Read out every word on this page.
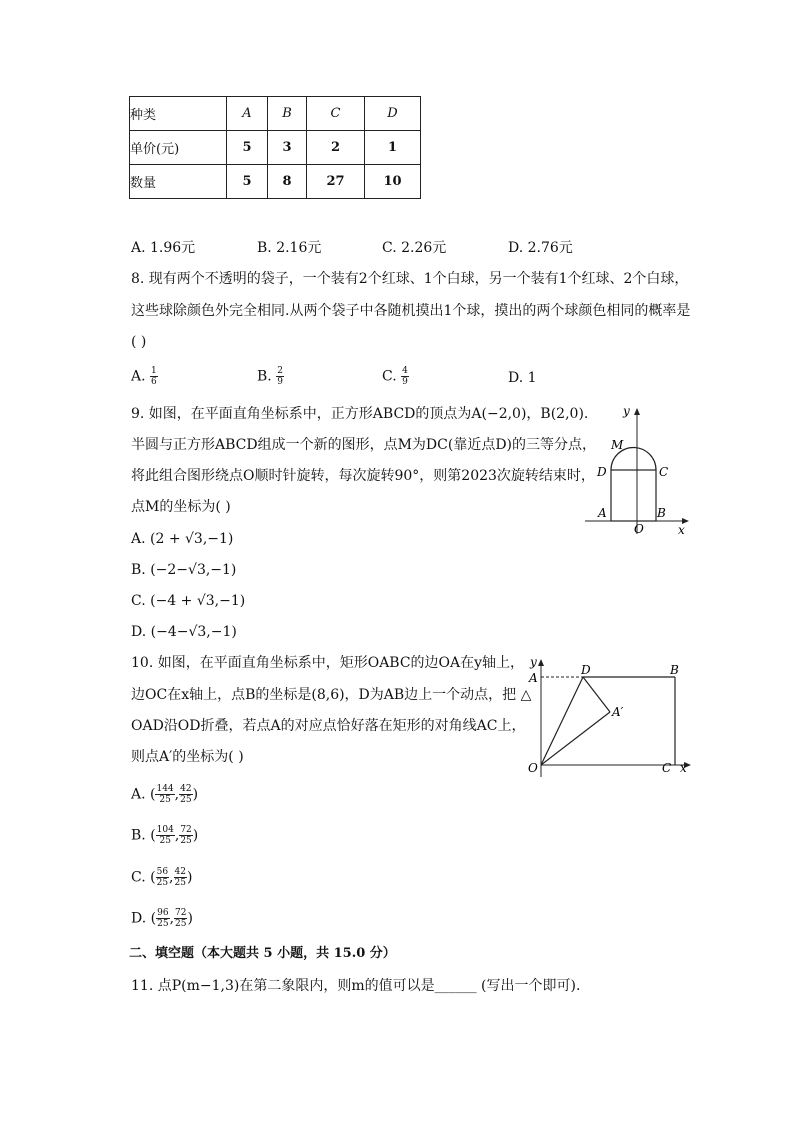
种类	A	B	C	D
单价(元)	5	3	2	1
数量	5	8	27	10
A. 1.96元	B. 2.16元	C. 2.26元	D. 2.76元
8. 现有两个不透明的袋子，一个装有2个红球、1个白球，另一个装有1个红球、2个白球，
这些球除颜色外完全相同.从两个袋子中各随机摸出1个球，摸出的两个球颜色相同的概率是
( )
A. $\frac{1}{6}$	B. $\frac{2}{9}$	C. $\frac{4}{9}$	D. 1
9. 如图，在平面直角坐标系中，正方形ABCD的顶点为A(−2,0)，B(2,0).
半圆与正方形ABCD组成一个新的图形，点M为DC(靠近点D)的三等分点，
将此组合图形绕点O顺时针旋转，每次旋转90°，则第2023次旋转结束时，
点M的坐标为( )
A. (2 + √3,−1)
B. (−2−√3,−1)
C. (−4 + √3,−1)
D. (−4−√3,−1)
y
x
M
D	C
A	B
O
10. 如图，在平面直角坐标系中，矩形OABC的边OA在y轴上，
边OC在x轴上，点B的坐标是(8,6)，D为AB边上一个动点，把 △
OAD沿OD折叠，若点A的对应点恰好落在矩形的对角线AC上，
则点A′的坐标为( )
A. ( $\frac{144}{25}$ , $\frac{42}{25}$ )
B. ( $\frac{104}{25}$ , $\frac{72}{25}$ )
C. ( $\frac{56}{25}$ , $\frac{42}{25}$ )
D. ( $\frac{96}{25}$ , $\frac{72}{25}$ )
y
x
A
D	B
A′
O	C
二、填空题（本大题共 5 小题，共 15.0 分）
11. 点P(m−1,3)在第二象限内，则m的值可以是______ (写出一个即可).
